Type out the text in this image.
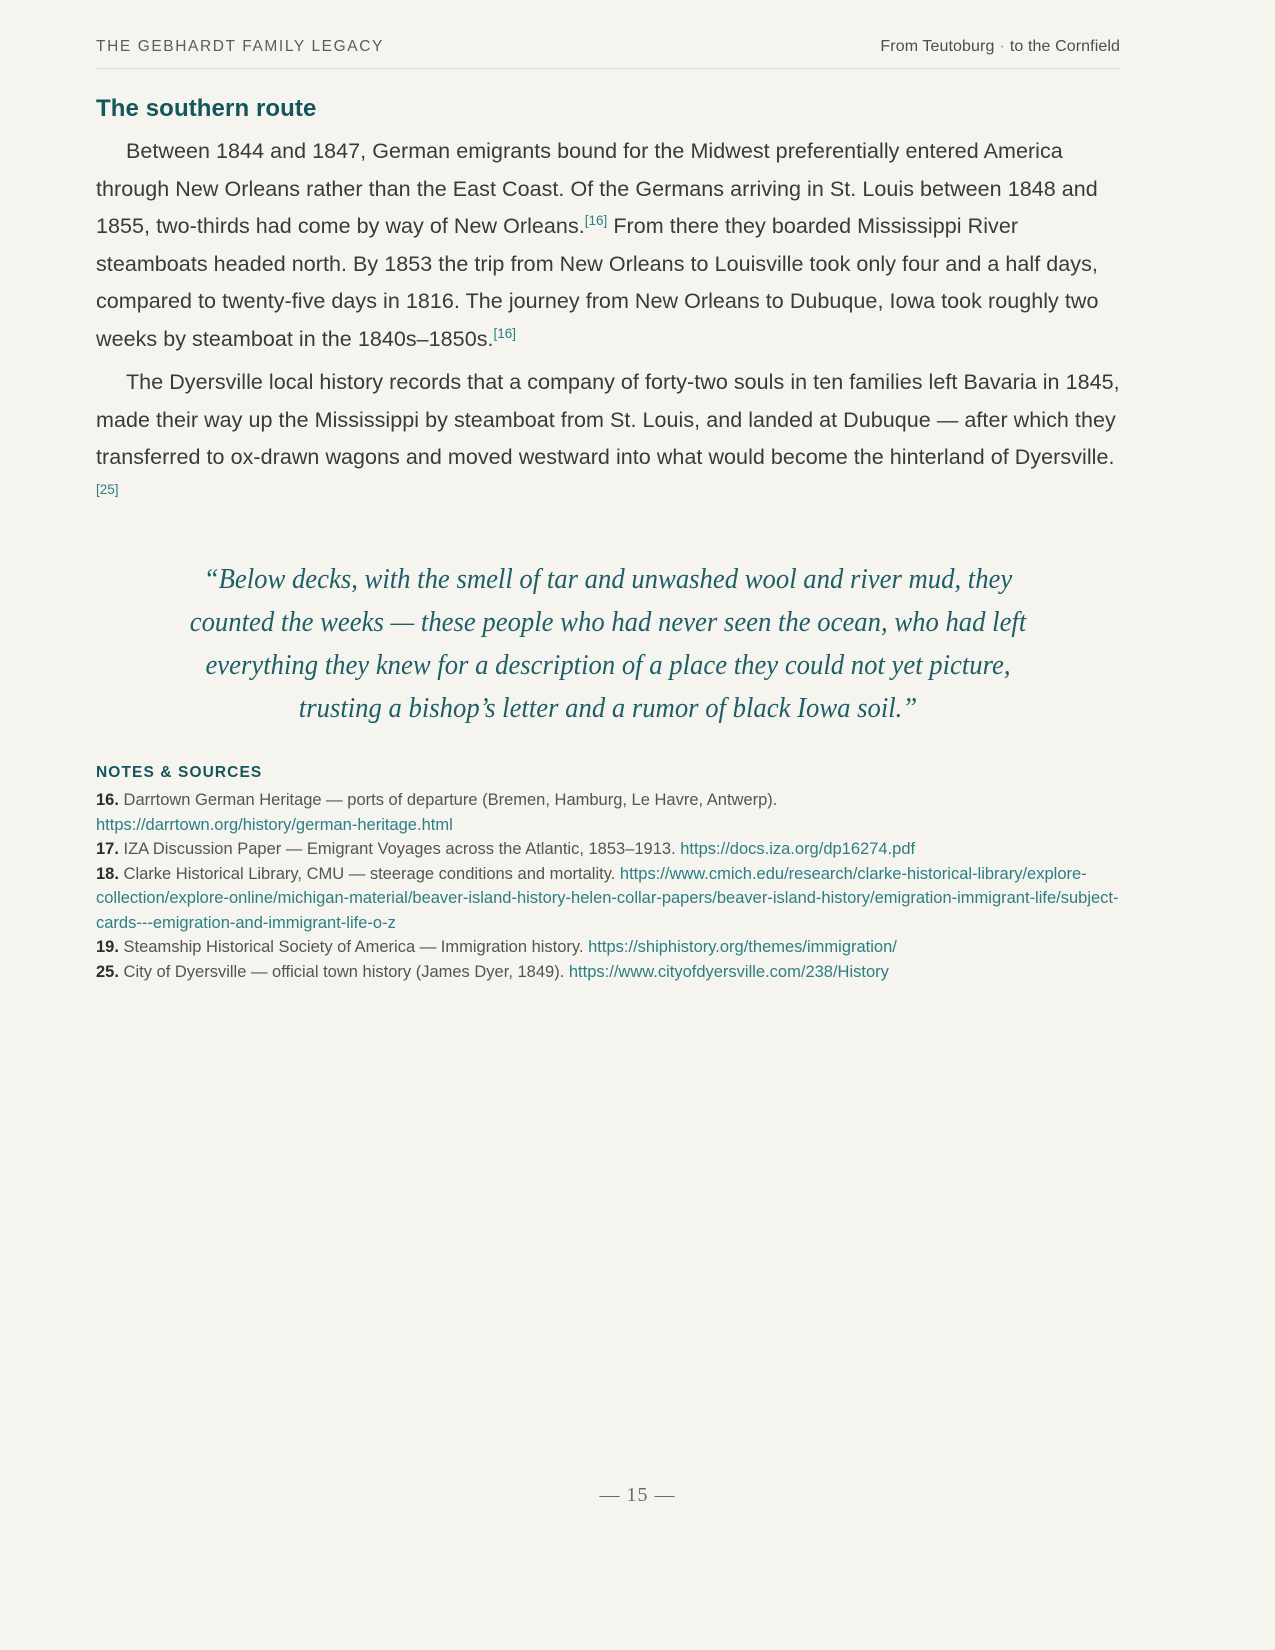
THE GEBHARDT FAMILY LEGACY	From Teutoburg · to the Cornfield
The southern route

Between 1844 and 1847, German emigrants bound for the Midwest preferentially entered America through New Orleans rather than the East Coast. Of the Germans arriving in St. Louis between 1848 and 1855, two-thirds had come by way of New Orleans.[16] From there they boarded Mississippi River steamboats headed north. By 1853 the trip from New Orleans to Louisville took only four and a half days, compared to twenty-five days in 1816. The journey from New Orleans to Dubuque, Iowa took roughly two weeks by steamboat in the 1840s–1850s.[16]

The Dyersville local history records that a company of forty-two souls in ten families left Bavaria in 1845, made their way up the Mississippi by steamboat from St. Louis, and landed at Dubuque — after which they transferred to ox-drawn wagons and moved westward into what would become the hinterland of Dyersville.[25]

“Below decks, with the smell of tar and unwashed wool and river mud, they counted the weeks — these people who had never seen the ocean, who had left everything they knew for a description of a place they could not yet picture, trusting a bishop’s letter and a rumor of black Iowa soil.”
NOTES & SOURCES
16. Darrtown German Heritage — ports of departure (Bremen, Hamburg, Le Havre, Antwerp).
https://darrtown.org/history/german-heritage.html
17. IZA Discussion Paper — Emigrant Voyages across the Atlantic, 1853–1913. https://docs.iza.org/dp16274.pdf
18. Clarke Historical Library, CMU — steerage conditions and mortality. https://www.cmich.edu/research/clarke-historical-library/explore-collection/explore-online/michigan-material/beaver-island-history-helen-collar-papers/beaver-island-history/emigration-immigrant-life/subject-cards---emigration-and-immigrant-life-o-z
19. Steamship Historical Society of America — Immigration history. https://shiphistory.org/themes/immigration/
25. City of Dyersville — official town history (James Dyer, 1849). https://www.cityofdyersville.com/238/History
— 15 —
